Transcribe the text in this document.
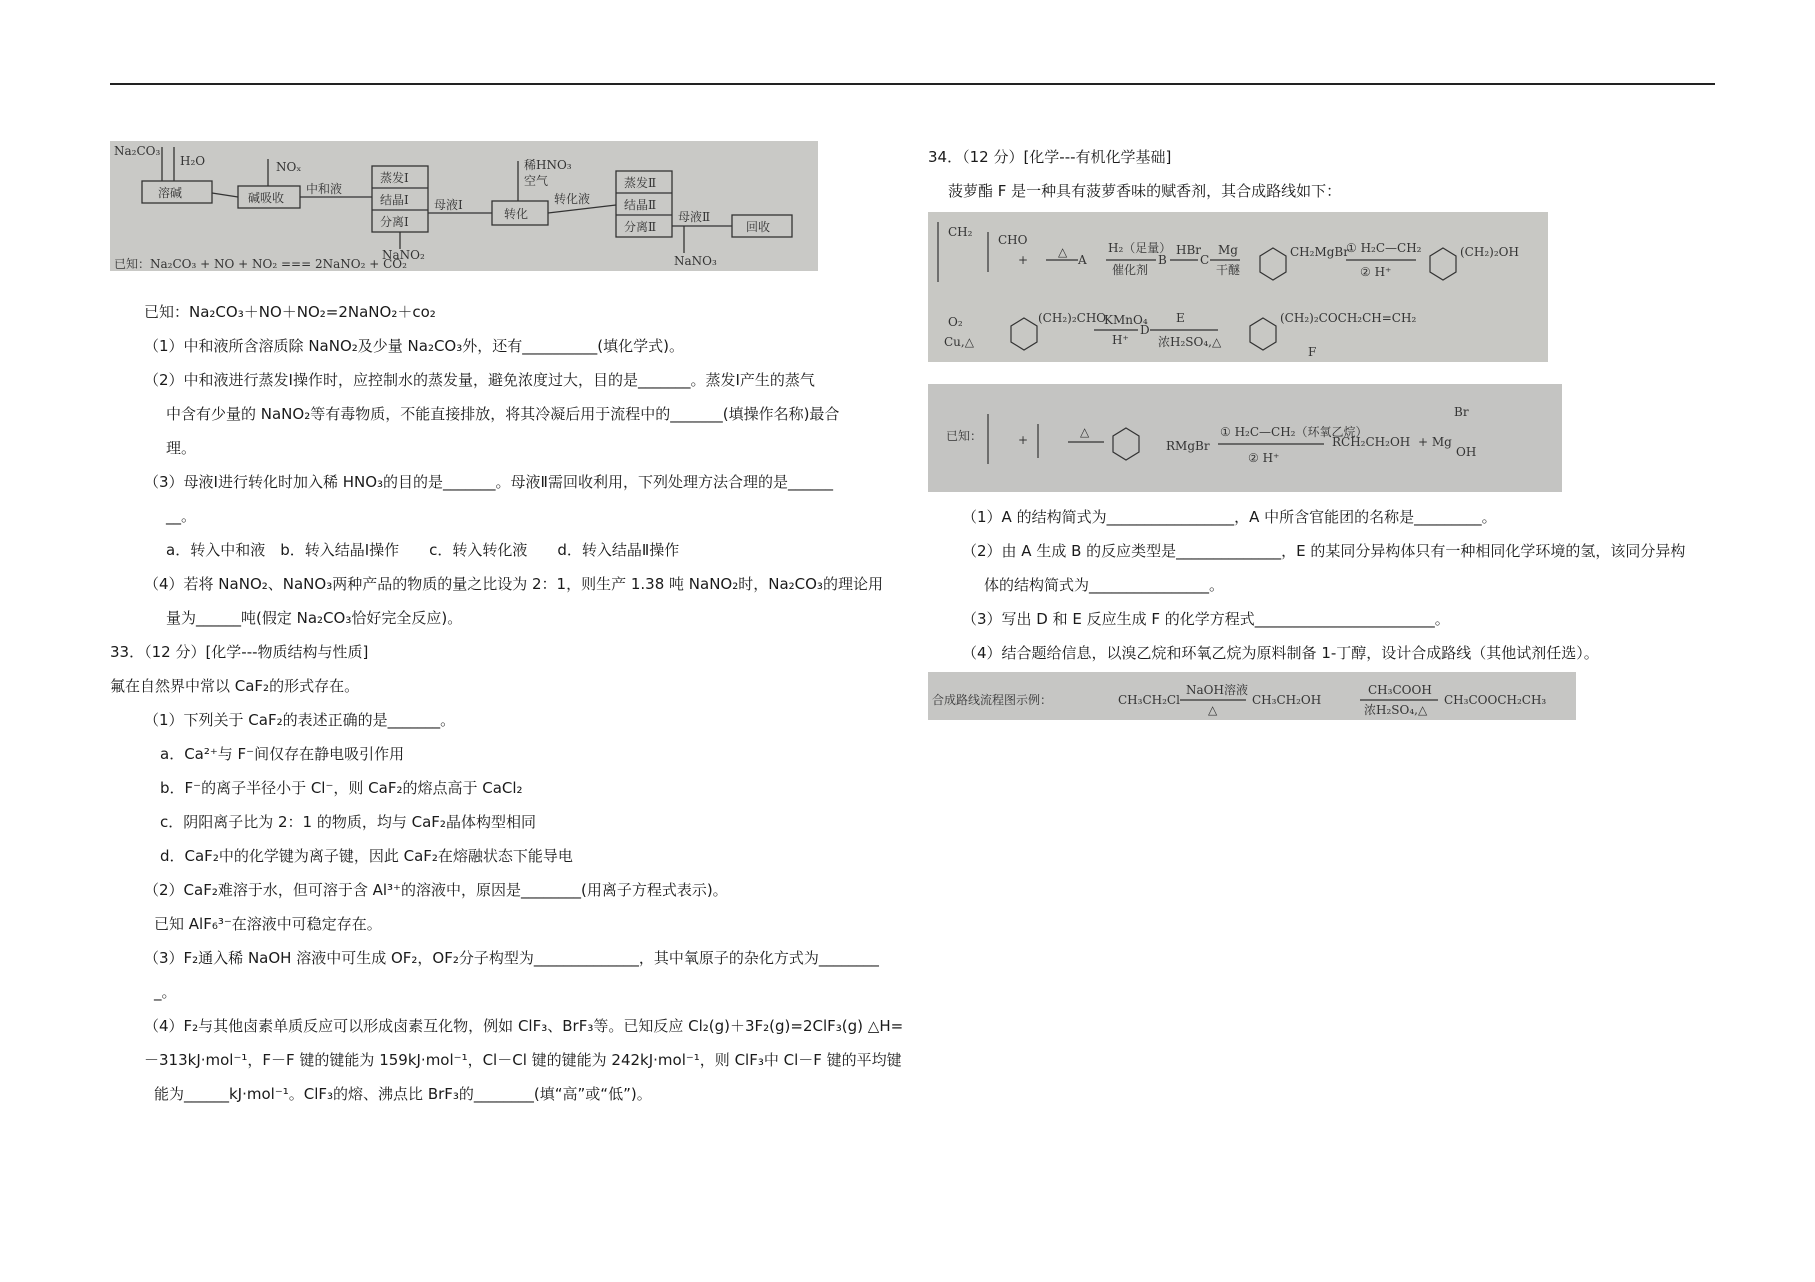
Na₂CO₃
H₂O	NOₓ	稀HNO₃
空气
溶碱	碱吸收
蒸发Ⅰ
结晶Ⅰ
分离Ⅰ
转化
蒸发Ⅱ
结晶Ⅱ
分离Ⅱ	回收
中和液
母液Ⅰ	转化液
母液Ⅱ
NaNO₂	NaNO₃
已知：Na₂CO₃ + NO + NO₂ === 2NaNO₂ + CO₂
已知：Na₂CO₃＋NO＋NO₂=2NaNO₂＋co₂
（1）中和液所含溶质除 NaNO₂及少量 Na₂CO₃外，还有__________(填化学式)。
（2）中和液进行蒸发Ⅰ操作时，应控制水的蒸发量，避免浓度过大，目的是_______。蒸发Ⅰ产生的蒸气
中含有少量的 NaNO₂等有毒物质，不能直接排放，将其冷凝后用于流程中的_______(填操作名称)最合
理。
（3）母液Ⅰ进行转化时加入稀 HNO₃的目的是_______。母液Ⅱ需回收利用，下列处理方法合理的是______
__。
a．转入中和液　b．转入结晶Ⅰ操作　　c．转入转化液　　d．转入结晶Ⅱ操作
（4）若将 NaNO₂、NaNO₃两种产品的物质的量之比设为 2：1，则生产 1.38 吨 NaNO₂时，Na₂CO₃的理论用
量为______吨(假定 Na₂CO₃恰好完全反应)。
33．（12 分）[化学---物质结构与性质]
氟在自然界中常以 CaF₂的形式存在。
（1）下列关于 CaF₂的表述正确的是_______。
a．Ca²⁺与 F⁻间仅存在静电吸引作用
b．F⁻的离子半径小于 Cl⁻，则 CaF₂的熔点高于 CaCl₂
c．阴阳离子比为 2：1 的物质，均与 CaF₂晶体构型相同
d．CaF₂中的化学键为离子键，因此 CaF₂在熔融状态下能导电
（2）CaF₂难溶于水，但可溶于含 Al³⁺的溶液中，原因是________(用离子方程式表示)。
已知 AlF₆³⁻在溶液中可稳定存在。
（3）F₂通入稀 NaOH 溶液中可生成 OF₂，OF₂分子构型为______________，其中氧原子的杂化方式为________
_。
（4）F₂与其他卤素单质反应可以形成卤素互化物，例如 ClF₃、BrF₃等。已知反应 Cl₂(g)＋3F₂(g)=2ClF₃(g) △H=
－313kJ·mol⁻¹，F－F 键的键能为 159kJ·mol⁻¹，Cl－Cl 键的键能为 242kJ·mol⁻¹，则 ClF₃中 Cl－F 键的平均键
能为______kJ·mol⁻¹。ClF₃的熔、沸点比 BrF₃的________(填“高”或“低”)。
34．（12 分）[化学---有机化学基础]
菠萝酯 F 是一种具有菠萝香味的赋香剂，其合成路线如下：
CH₂
CHO
+
△
A
H₂（足量）
催化剂
B
HBr
C
Mg
干醚
CH₂MgBr
① H₂C—CH₂
② H⁺
(CH₂)₂OH
O₂
Cu,△
(CH₂)₂CHO
KMnO₄
H⁺
D
E
浓H₂SO₄,△
(CH₂)₂COCH₂CH=CH₂
F
已知：	+
△
RMgBr
① H₂C—CH₂（环氧乙烷）
② H⁺
RCH₂CH₂OH + Mg
Br
OH
（1）A 的结构简式为_________________，A 中所含官能团的名称是_________。
（2）由 A 生成 B 的反应类型是______________，E 的某同分异构体只有一种相同化学环境的氢，该同分异构
体的结构简式为________________。
（3）写出 D 和 E 反应生成 F 的化学方程式________________________。
（4）结合题给信息，以溴乙烷和环氧乙烷为原料制备 1-丁醇，设计合成路线（其他试剂任选）。
合成路线流程图示例：	CH₃CH₂Cl
NaOH溶液
△
CH₃CH₂OH
CH₃COOH
浓H₂SO₄,△
CH₃COOCH₂CH₃
